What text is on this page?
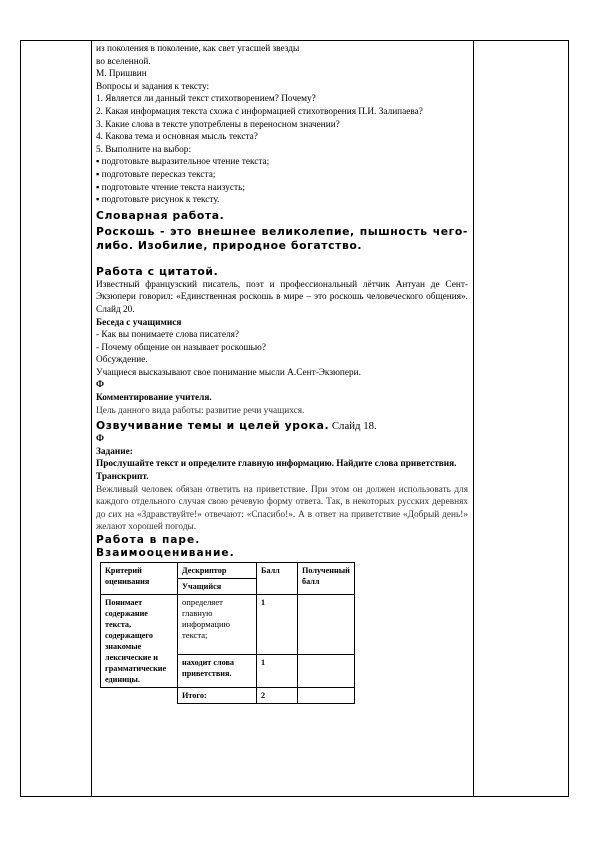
из поколения в поколение, как свет угасшей звезды

во вселенной.

М. Пришвин

Вопросы и задания к тексту:

1. Является ли данный текст стихотворением? Почему?

2. Какая информация текста схожа с информацией стихотворения П.И. Залипаева?

3. Какие слова в тексте употреблены в переносном значении?

4. Какова тема и основная мысль текста?

5. Выполните на выбор:

▪ подготовьте выразительное чтение текста;

▪ подготовьте пересказ текста;

▪ подготовьте чтение текста наизусть;

▪ подготовьте рисунок к тексту.

Словарная работа.

Роскошь - это внешнее великолепие, пышность чего-либо. Изобилие, природное богатство.

Работа с цитатой.

Известный французский писатель, поэт и профессиональный лётчик Антуан де Сент-Экзюпери говорил: «Единственная роскошь в мире – это роскошь человеческого общения». Слайд 20.

Беседа с учащимися

- Как вы понимаете слова писателя?

- Почему общение он называет роскошью?

Обсуждение.

Учащиеся высказывают свое понимание мысли А.Сент-Экзюпери.

Ф

Комментирование учителя.

Цель данного вида работы: развитие речи учащихся.

Озвучивание темы и целей урока. Слайд 18.

Ф

Задание:

Прослушайте текст и определите главную информацию. Найдите слова приветствия.

Транскрипт.

Вежливый человек обязан ответить на приветствие. При этом он должен использовать для каждого отдельного случая свою речевую форму ответа. Так, в некоторых русских деревнях до сих на «Здравствуйте!» отвечают: «Спасибо!». А в ответ на приветствие «Добрый день!» желают хорошей погоды.

Работа в паре.

Взаимооценивание.

Критерий оценивания	Дескриптор	Балл	Полученный балл
	Учащийся		
Понимает содержание текста, содержащего знакомые лексические и грамматические единицы.	определяет главную информацию текста;	1	
	находит слова приветствия.	1	
	Итого:	2	
